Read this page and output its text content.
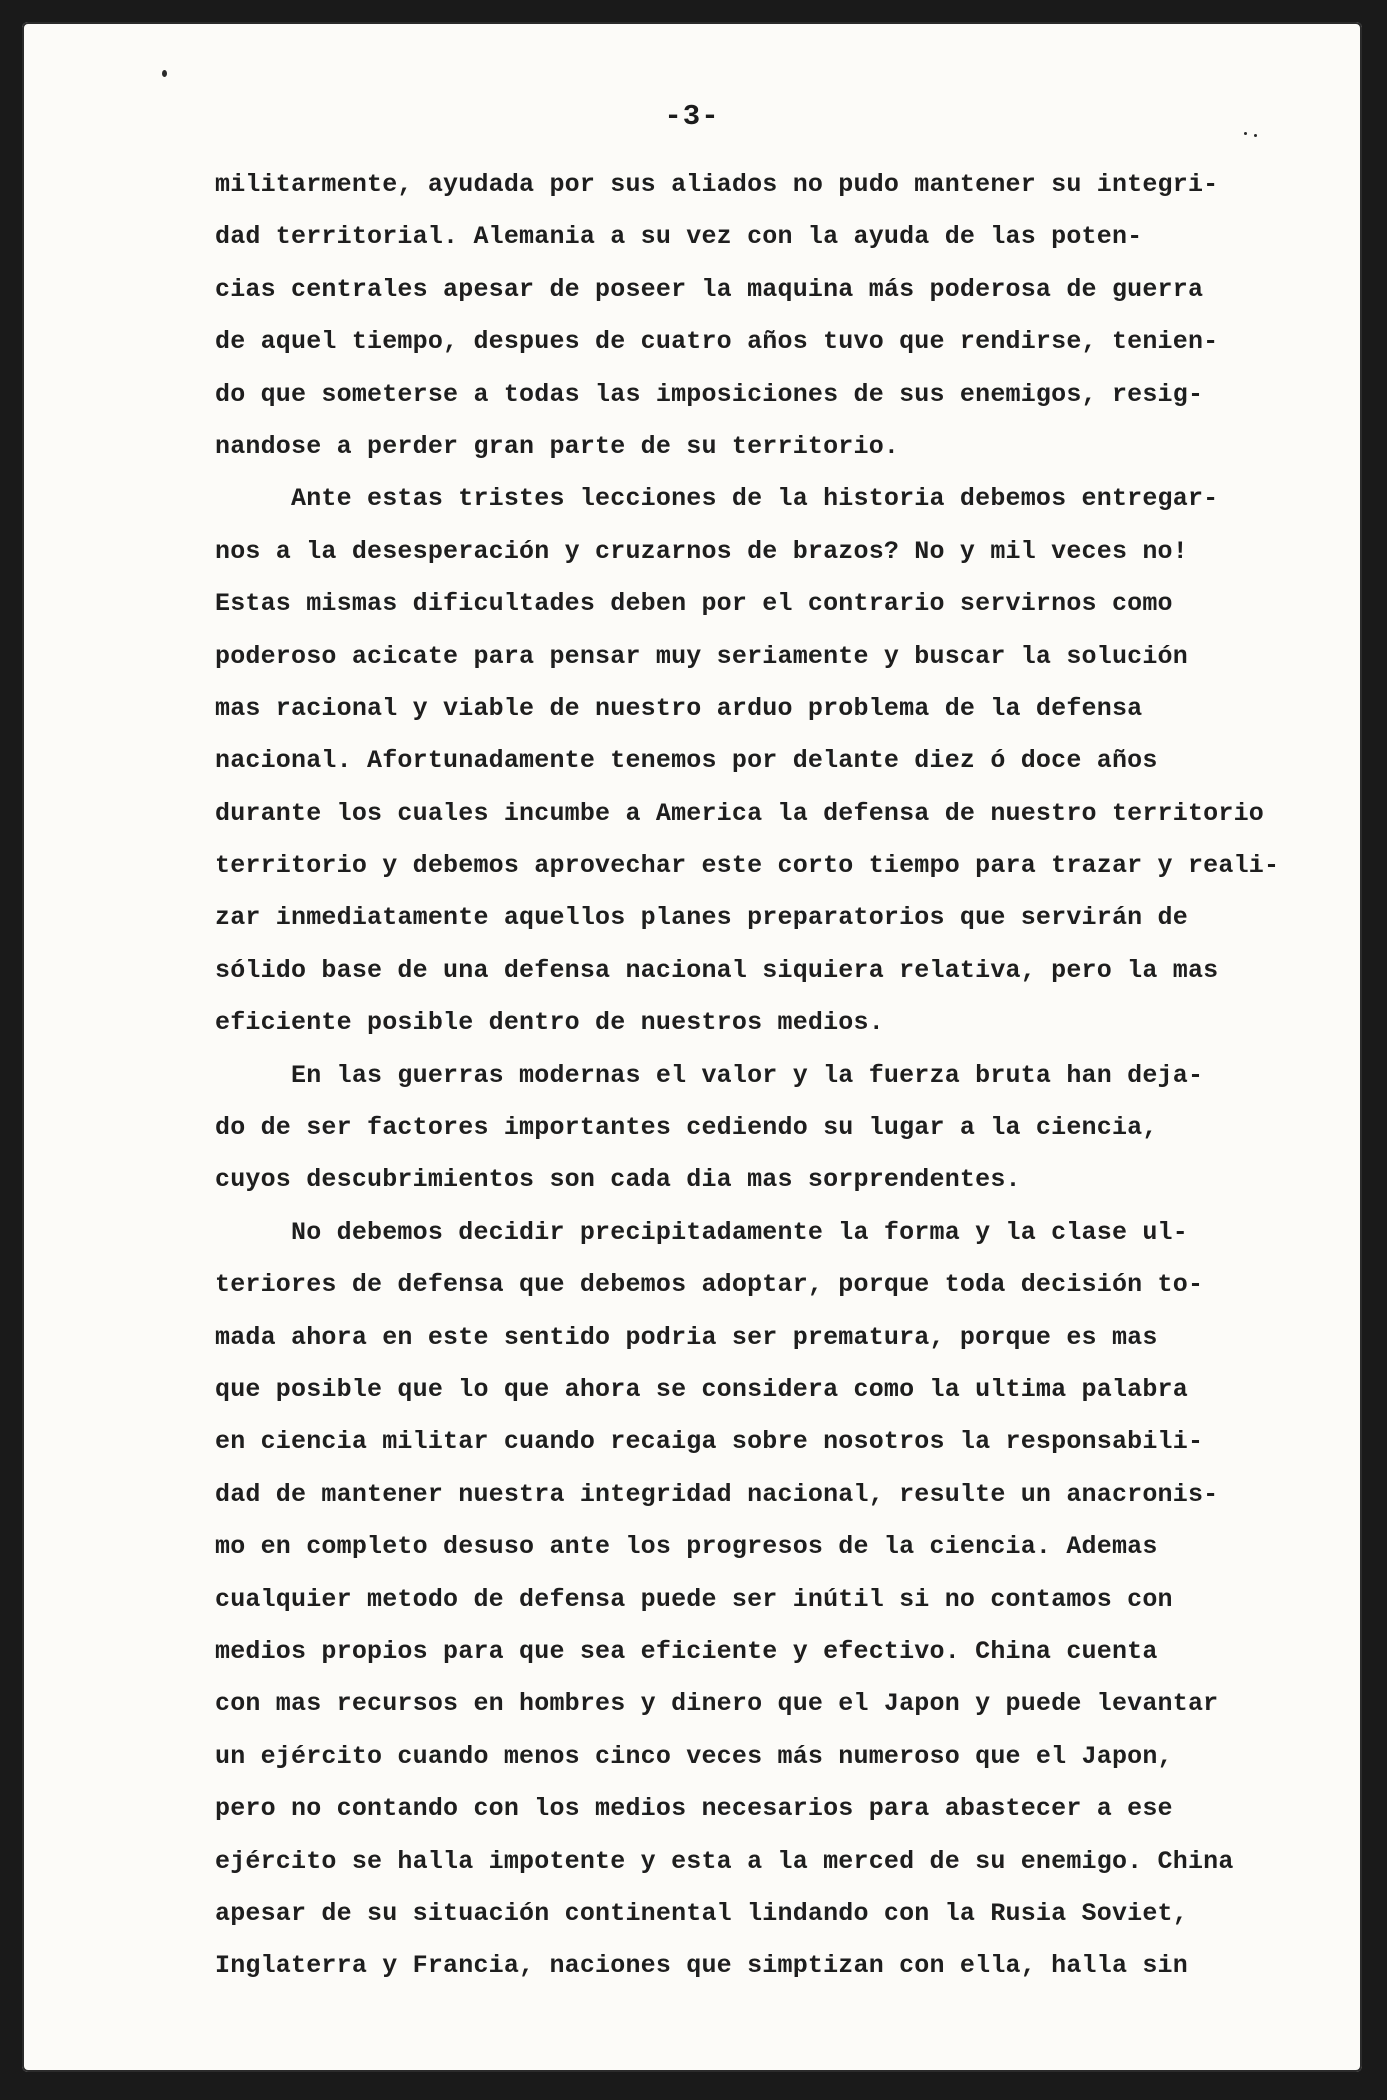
-3-
militarmente, ayudada por sus aliados no pudo mantener su integri-
dad territorial. Alemania a su vez con la ayuda de las poten-
cias centrales apesar de poseer la maquina más poderosa de guerra
de aquel tiempo, despues de cuatro años tuvo que rendirse, tenien-
do que someterse a todas las imposiciones de sus enemigos, resig-
nandose a perder gran parte de su territorio.
Ante estas tristes lecciones de la historia debemos entregar-
nos a la desesperación y cruzarnos de brazos? No y mil veces no!
Estas mismas dificultades deben por el contrario servirnos como
poderoso acicate para pensar muy seriamente y buscar la solución
mas racional y viable de nuestro arduo problema de la defensa
nacional. Afortunadamente tenemos por delante diez ó doce años
durante los cuales incumbe a America la defensa de nuestro territorio
territorio y debemos aprovechar este corto tiempo para trazar y reali-
zar inmediatamente aquellos planes preparatorios que servirán de
sólido base de una defensa nacional siquiera relativa, pero la mas
eficiente posible dentro de nuestros medios.
En las guerras modernas el valor y la fuerza bruta han deja-
do de ser factores importantes cediendo su lugar a la ciencia,
cuyos descubrimientos son cada dia mas sorprendentes.
No debemos decidir precipitadamente la forma y la clase ul-
teriores de defensa que debemos adoptar, porque toda decisión to-
mada ahora en este sentido podria ser prematura, porque es mas
que posible que lo que ahora se considera como la ultima palabra
en ciencia militar cuando recaiga sobre nosotros la responsabili-
dad de mantener nuestra integridad nacional, resulte un anacronis-
mo en completo desuso ante los progresos de la ciencia. Ademas
cualquier metodo de defensa puede ser inútil si no contamos con
medios propios para que sea eficiente y efectivo. China cuenta
con mas recursos en hombres y dinero que el Japon y puede levantar
un ejército cuando menos cinco veces más numeroso que el Japon,
pero no contando con los medios necesarios para abastecer a ese
ejército se halla impotente y esta a la merced de su enemigo. China
apesar de su situación continental lindando con la Rusia Soviet,
Inglaterra y Francia, naciones que simptizan con ella, halla sin
